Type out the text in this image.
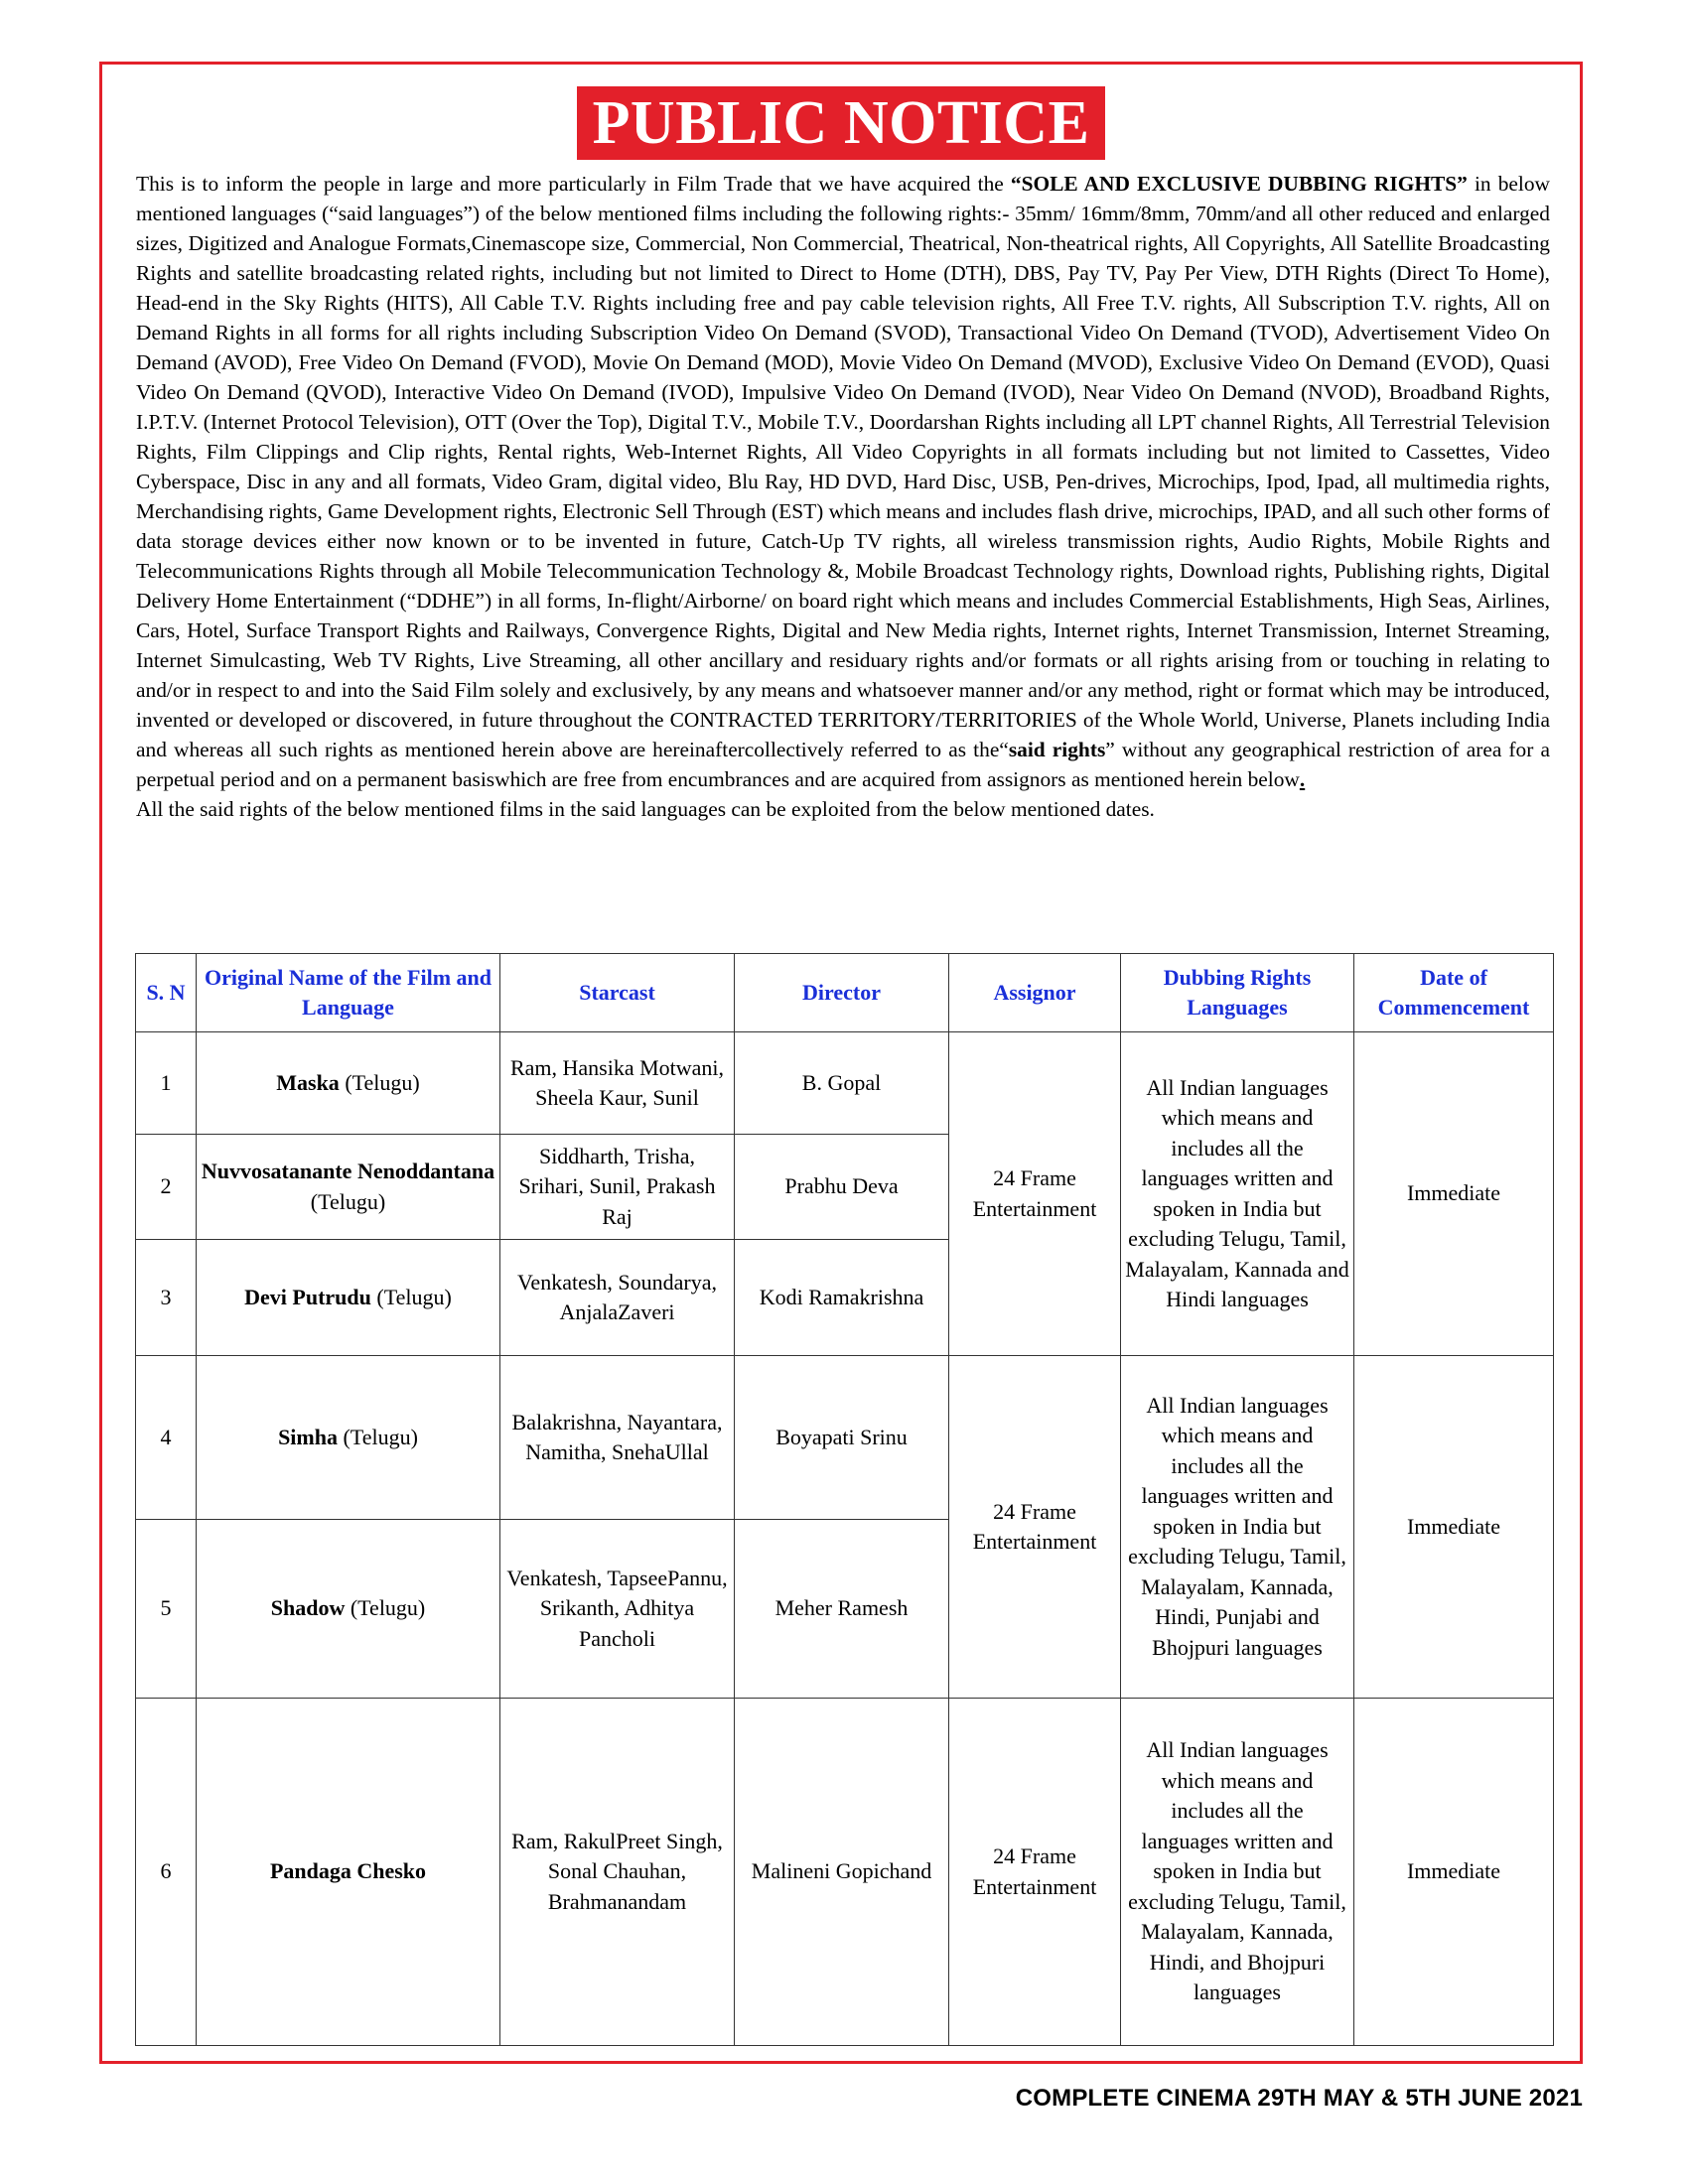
PUBLIC NOTICE

This is to inform the people in large and more particularly in Film Trade that we have acquired the “SOLE AND EXCLUSIVE DUBBING RIGHTS” in below mentioned languages (“said languages”) of the below mentioned films including the following rights:- 35mm/ 16mm/8mm, 70mm/and all other reduced and enlarged sizes, Digitized and Analogue Formats,Cinemascope size, Commercial, Non Commercial, Theatrical, Non-theatrical rights, All Copyrights, All Satellite Broadcasting Rights and satellite broadcasting related rights, including but not limited to Direct to Home (DTH), DBS, Pay TV, Pay Per View, DTH Rights (Direct To Home), Head-end in the Sky Rights (HITS), All Cable T.V. Rights including free and pay cable television rights, All Free T.V. rights, All Subscription T.V. rights, All on Demand Rights in all forms for all rights including Subscription Video On Demand (SVOD), Transactional Video On Demand (TVOD), Advertisement Video On Demand (AVOD), Free Video On Demand (FVOD), Movie On Demand (MOD), Movie Video On Demand (MVOD), Exclusive Video On Demand (EVOD), Quasi Video On Demand (QVOD), Interactive Video On Demand (IVOD), Impulsive Video On Demand (IVOD), Near Video On Demand (NVOD), Broadband Rights, I.P.T.V. (Internet Protocol Television), OTT (Over the Top), Digital T.V., Mobile T.V., Doordarshan Rights including all LPT channel Rights, All Terrestrial Television Rights, Film Clippings and Clip rights, Rental rights, Web-Internet Rights, All Video Copyrights in all formats including but not limited to Cassettes, Video Cyberspace, Disc in any and all formats, Video Gram, digital video, Blu Ray, HD DVD, Hard Disc, USB, Pen-drives, Microchips, Ipod, Ipad, all multimedia rights, Merchandising rights, Game Development rights, Electronic Sell Through (EST) which means and includes flash drive, microchips, IPAD, and all such other forms of data storage devices either now known or to be invented in future, Catch-Up TV rights, all wireless transmission rights, Audio Rights, Mobile Rights and Telecommunications Rights through all Mobile Telecommunication Technology &, Mobile Broadcast Technology rights, Download rights, Publishing rights, Digital Delivery Home Entertainment (“DDHE”) in all forms, In-flight/Airborne/ on board right which means and includes Commercial Establishments, High Seas, Airlines, Cars, Hotel, Surface Transport Rights and Railways, Convergence Rights, Digital and New Media rights, Internet rights, Internet Transmission, Internet Streaming, Internet Simulcasting, Web TV Rights, Live Streaming, all other ancillary and residuary rights and/or formats or all rights arising from or touching in relating to and/or in respect to and into the Said Film solely and exclusively, by any means and whatsoever manner and/or any method, right or format which may be introduced, invented or developed or discovered, in future throughout the CONTRACTED TERRITORY/TERRITORIES of the Whole World, Universe, Planets including India and whereas all such rights as mentioned herein above are hereinaftercollectively referred to as the“said rights” without any geographical restriction of area for a perpetual period and on a permanent basiswhich are free from encumbrances and are acquired from assignors as mentioned herein below.
All the said rights of the below mentioned films in the said languages can be exploited from the below mentioned dates.

S. N	Original Name of the Film and Language	Starcast	Director	Assignor	Dubbing Rights Languages	Date of Commencement
1	Maska (Telugu)	Ram, Hansika Motwani, Sheela Kaur, Sunil	B. Gopal	24 Frame Entertainment	All Indian languages which means and includes all the languages written and spoken in India but excluding Telugu, Tamil, Malayalam, Kannada and Hindi languages	Immediate
2	Nuvvosatanante Nenoddantana (Telugu)	Siddharth, Trisha, Srihari, Sunil, Prakash Raj	Prabhu Deva			
3	Devi Putrudu (Telugu)	Venkatesh, Soundarya, AnjalaZaveri	Kodi Ramakrishna			
4	Simha (Telugu)	Balakrishna, Nayantara, Namitha, SnehaUllal	Boyapati Srinu	24 Frame Entertainment	All Indian languages which means and includes all the languages written and spoken in India but excluding Telugu, Tamil, Malayalam, Kannada, Hindi, Punjabi and Bhojpuri languages	Immediate
5	Shadow (Telugu)	Venkatesh, TapseePannu, Srikanth, Adhitya Pancholi	Meher Ramesh			
6	Pandaga Chesko	Ram, RakulPreet Singh, Sonal Chauhan, Brahmanandam	Malineni Gopichand	24 Frame Entertainment	All Indian languages which means and includes all the languages written and spoken in India but excluding Telugu, Tamil, Malayalam, Kannada, Hindi, and Bhojpuri languages	Immediate
COMPLETE CINEMA 29TH MAY & 5TH JUNE 2021
